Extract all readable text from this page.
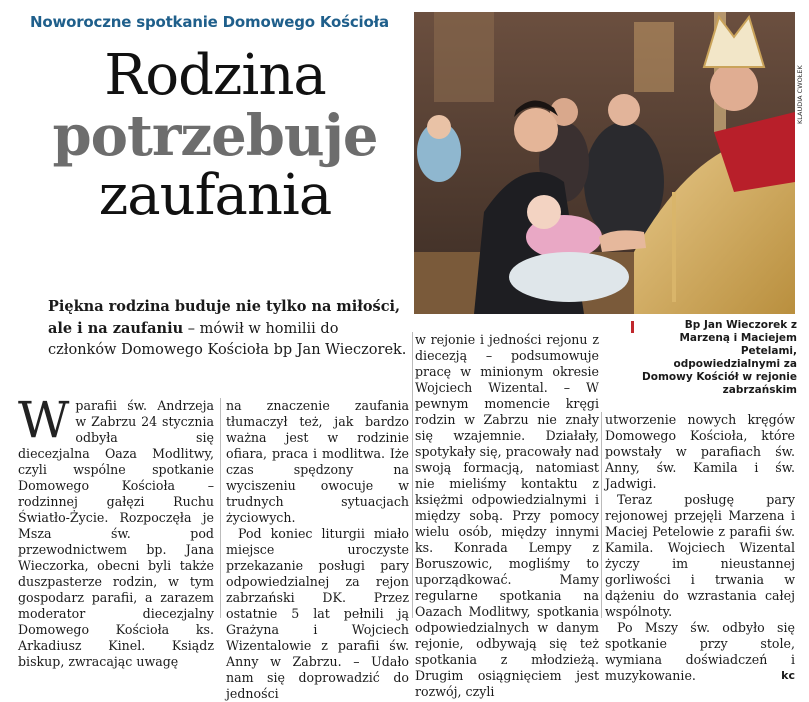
Noworoczne spotkanie Domowego Kościoła
Rodzina
potrzebuje
zaufania
Piękna rodzina buduje nie tylko na miłości, ale i na zaufaniu – mówił w homilii do członków Domowego Kościoła bp Jan Wieczorek.
KLAUDIA CWOŁEK
Bp Jan Wieczorek z Marzeną i Maciejem Petelami, odpowiedzialnymi za Domowy Kościół w rejonie zabrzańskim
W parafii św. Andrzeja w Zabrzu 24 stycznia odbyła się diecezjalna Oaza Modlitwy, czyli wspólne spotkanie Domowego Kościoła – rodzinnej gałęzi Ruchu Światło-Życie. Rozpoczęła je Msza św. pod przewodnictwem bp. Jana Wieczorka, obecni byli także duszpasterze rodzin, w tym gospodarz parafii, a zarazem moderator diecezjalny Domowego Kościoła ks. Arkadiusz Kinel. Ksiądz biskup, zwracając uwagę

na znaczenie zaufania tłumaczył też, jak bardzo ważna jest w rodzinie ofiara, praca i modlitwa. Iże czas spędzony na wyciszeniu owocuje w trudnych sytuacjach życiowych.

Pod koniec liturgii miało miejsce uroczyste przekazanie posługi pary odpowiedzialnej za rejon zabrzański DK. Przez ostatnie 5 lat pełnili ją Grażyna i Wojciech Wizentalowie z parafii św. Anny w Zabrzu. – Udało nam się doprowadzić do jedności

w rejonie i jedności rejonu z diecezją – podsumowuje pracę w minionym okresie Wojciech Wizental. – W pewnym momencie kręgi rodzin w Zabrzu nie znały się wzajemnie. Działały, spotykały się, pracowały nad swoją formacją, natomiast nie mieliśmy kontaktu z księżmi odpowiedzialnymi i między sobą. Przy pomocy wielu osób, między innymi ks. Konrada Lempy z Boruszowic, mogliśmy to uporządkować. Mamy regularne spotkania na Oazach Modlitwy, spotkania odpowiedzialnych w danym rejonie, odbywają się też spotkania z młodzieżą. Drugim osiągnięciem jest rozwój, czyli

utworzenie nowych kręgów Domowego Kościoła, które powstały w parafiach św. Anny, św. Kamila i św. Jadwigi.

Teraz posługę pary rejonowej przejęli Marzena i Maciej Petelowie z parafii św. Kamila. Wojciech Wizental życzy im nieustannej gorliwości i trwania w dążeniu do wzrastania całej wspólnoty.

Po Mszy św. odbyło się spotkanie przy stole, wymiana doświadczeń i muzykowanie.	kc
